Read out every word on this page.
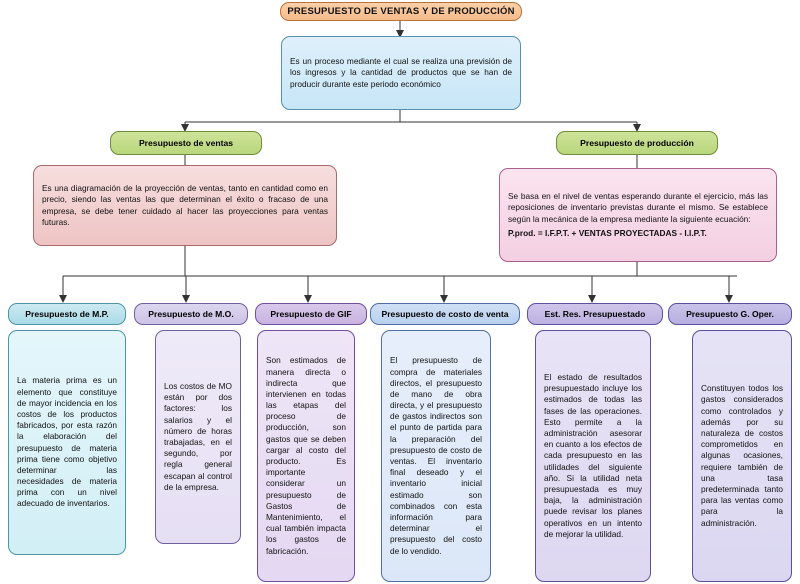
PRESUPUESTO DE VENTAS Y DE PRODUCCIÓN
Es un proceso mediante el cual se realiza una previsión de los ingresos y la cantidad de productos que se han de producir durante este periodo económico
Presupuesto de ventas
Es una diagramación de la proyección de ventas, tanto en cantidad como en precio, siendo las ventas las que determinan el éxito o fracaso de una empresa, se debe tener cuidado al hacer las proyecciones para ventas futuras.
Presupuesto de producción
Se basa en el nivel de ventas esperando durante el ejercicio, más las reposiciones de inventario previstas durante el mismo. Se establece según la mecánica de la empresa mediante la siguiente ecuación:
P.prod. = I.F.P.T. + VENTAS PROYECTADAS - I.I.P.T.
Presupuesto de M.P.
La materia prima es un elemento que constituye de mayor incidencia en los costos de los productos fabricados, por esta razón la elaboración del presupuesto de materia prima tiene como objetivo determinar las necesidades de materia prima con un nivel adecuado de inventarios.
Presupuesto de M.O.
Los costos de MO están por dos factores: los salarios y el número de horas trabajadas, en el segundo, por regla general escapan al control de la empresa.
Presupuesto de GIF
Son estimados de manera directa o indirecta que intervienen en todas las etapas del proceso de producción, son gastos que se deben cargar al costo del producto. Es importante considerar un presupuesto de Gastos de Mantenimiento, el cual también impacta los gastos de fabricación.
Presupuesto de costo de venta
El presupuesto de compra de materiales directos, el presupuesto de mano de obra directa, y el presupuesto de gastos indirectos son el punto de partida para la preparación del presupuesto de costo de ventas. El inventario final deseado y el inventario inicial estimado son combinados con esta información para determinar el presupuesto del costo de lo vendido.
Est. Res. Presupuestado
El estado de resultados presupuestado incluye los estimados de todas las fases de las operaciones. Esto permite a la administración asesorar en cuanto a los efectos de cada presupuesto en las utilidades del siguiente año. Si la utilidad neta presupuestada es muy baja, la administración puede revisar los planes operativos en un intento de mejorar la utilidad.
Presupuesto G. Oper.
Constituyen todos los gastos considerados como controlados y además por su naturaleza de costos comprometidos en algunas ocasiones, requiere también de una tasa predeterminada tanto para las ventas como para la administración.
